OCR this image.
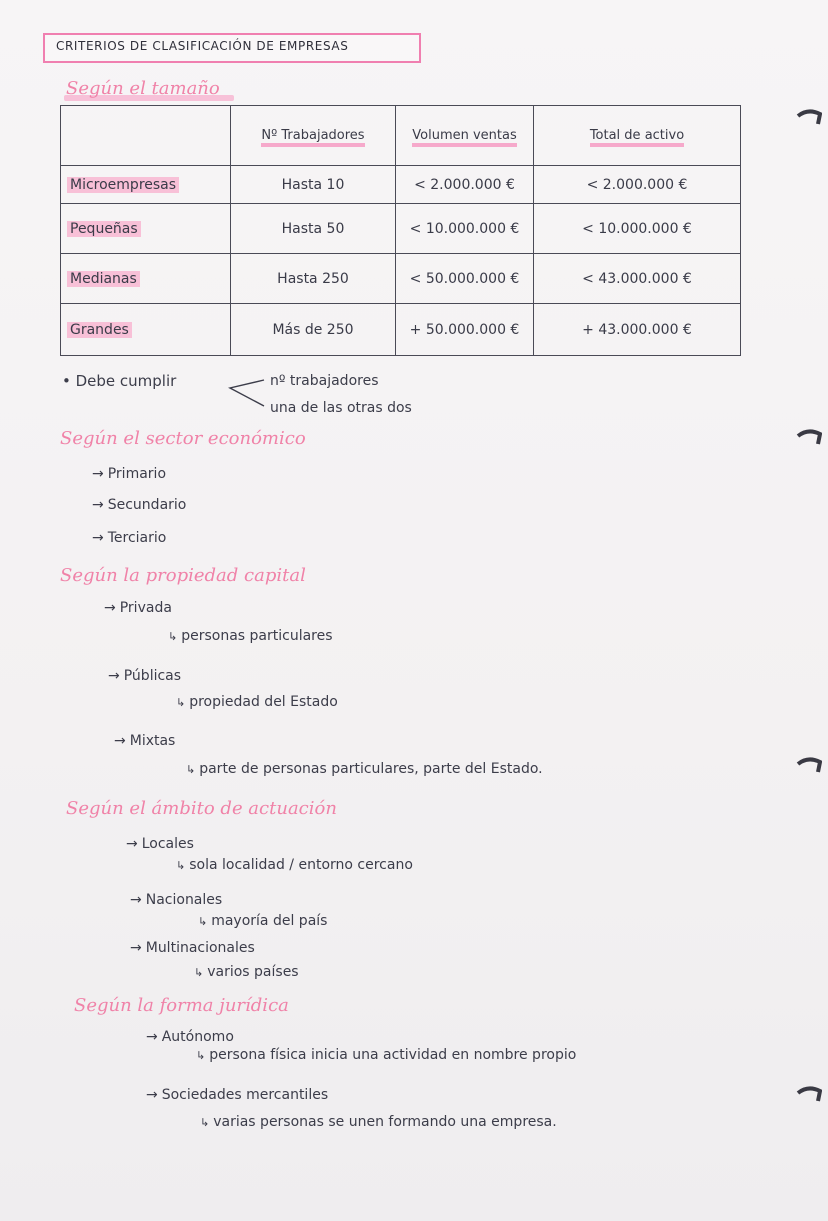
CRITERIOS DE CLASIFICACIÓN DE EMPRESAS
Según el tamaño
	Nº Trabajadores	Volumen ventas	Total de activo
Microempresas	Hasta 10	< 2.000.000 €	< 2.000.000 €
Pequeñas	Hasta 50	< 10.000.000 €	< 10.000.000 €
Medianas	Hasta 250	< 50.000.000 €	< 43.000.000 €
Grandes	Más de 250	+ 50.000.000 €	+ 43.000.000 €
• Debe cumplir	nº trabajadores
una de las otras dos
Según el sector económico
→ Primario
→ Secundario
→ Terciario
Según la propiedad capital
→ Privada
↳ personas particulares
→ Públicas
↳ propiedad del Estado
→ Mixtas
↳ parte de personas particulares, parte del Estado.
Según el ámbito de actuación
→ Locales
↳ sola localidad / entorno cercano
→ Nacionales
↳ mayoría del país
→ Multinacionales
↳ varios países
Según la forma jurídica
→ Autónomo
↳ persona física inicia una actividad en nombre propio
→ Sociedades mercantiles
↳ varias personas se unen formando una empresa.
